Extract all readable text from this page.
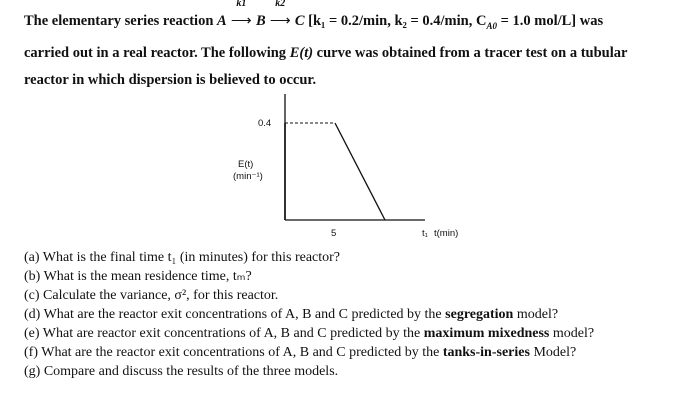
The elementary series reaction A
k1
⟶ B
k2
⟶ C [k₁ = 0.2/min, k₂ = 0.4/min, $C_{A0} = 1.0$ mol/L] was
carried out in a real reactor. The following E(t) curve was obtained from a tracer test on a tubular
reactor in which dispersion is believed to occur.
0.4
E(t)
(min⁻¹)
5	t₁ t(min)
(a) What is the final time t₁ (in minutes) for this reactor?
(b) What is the mean residence time, tₘ?
(c) Calculate the variance, σ², for this reactor.
(d) What are the reactor exit concentrations of A, B and C predicted by the segregation model?
(e) What are reactor exit concentrations of A, B and C predicted by the maximum mixedness model?
(f) What are the reactor exit concentrations of A, B and C predicted by the tanks-in-series Model?
(g) Compare and discuss the results of the three models.
